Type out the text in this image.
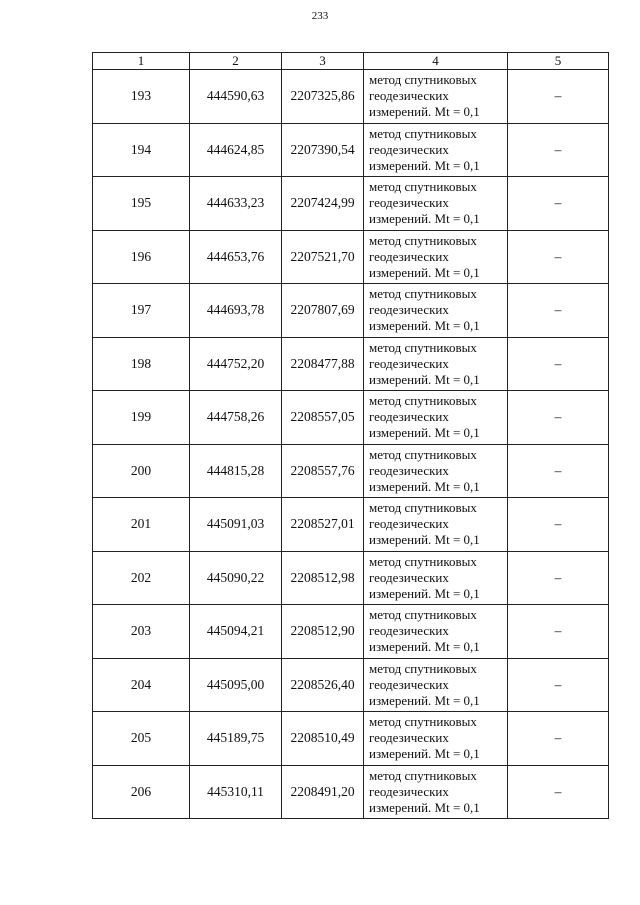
233
1	2	3	4	5
193	444590,63	2207325,86	метод спутниковых
геодезических
измерений. Mt = 0,1	–
194	444624,85	2207390,54	метод спутниковых
геодезических
измерений. Mt = 0,1	–
195	444633,23	2207424,99	метод спутниковых
геодезических
измерений. Mt = 0,1	–
196	444653,76	2207521,70	метод спутниковых
геодезических
измерений. Mt = 0,1	–
197	444693,78	2207807,69	метод спутниковых
геодезических
измерений. Mt = 0,1	–
198	444752,20	2208477,88	метод спутниковых
геодезических
измерений. Mt = 0,1	–
199	444758,26	2208557,05	метод спутниковых
геодезических
измерений. Mt = 0,1	–
200	444815,28	2208557,76	метод спутниковых
геодезических
измерений. Mt = 0,1	–
201	445091,03	2208527,01	метод спутниковых
геодезических
измерений. Mt = 0,1	–
202	445090,22	2208512,98	метод спутниковых
геодезических
измерений. Mt = 0,1	–
203	445094,21	2208512,90	метод спутниковых
геодезических
измерений. Mt = 0,1	–
204	445095,00	2208526,40	метод спутниковых
геодезических
измерений. Mt = 0,1	–
205	445189,75	2208510,49	метод спутниковых
геодезических
измерений. Mt = 0,1	–
206	445310,11	2208491,20	метод спутниковых
геодезических
измерений. Mt = 0,1	–
